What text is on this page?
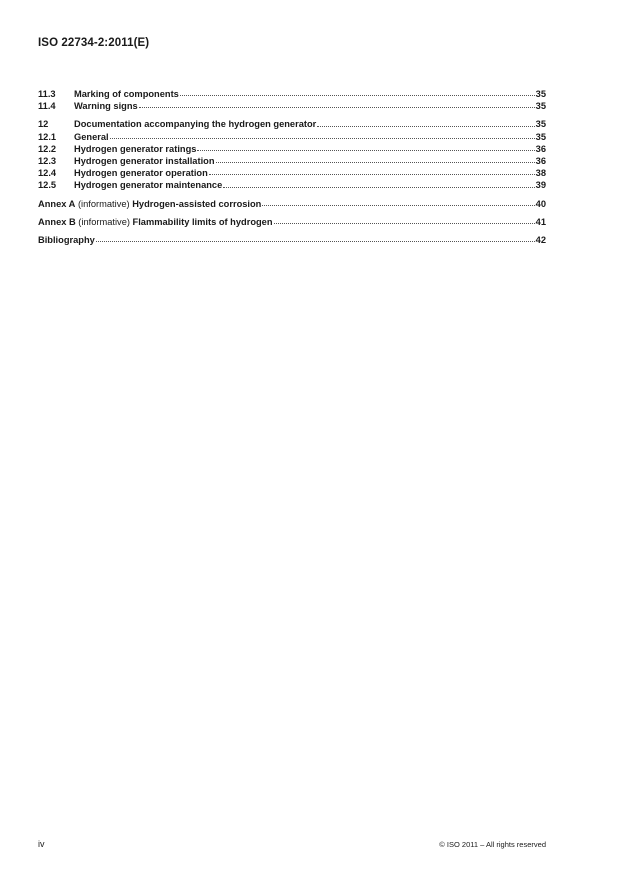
ISO 22734-2:2011(E)
11.3	Marking of components	35
11.4	Warning signs	35
12	Documentation accompanying the hydrogen generator	35
12.1	General	35
12.2	Hydrogen generator ratings	36
12.3	Hydrogen generator installation	36
12.4	Hydrogen generator operation	38
12.5	Hydrogen generator maintenance	39
Annex A (informative) Hydrogen-assisted corrosion	40
Annex B (informative) Flammability limits of hydrogen	41
Bibliography	42
iv	© ISO 2011 – All rights reserved
